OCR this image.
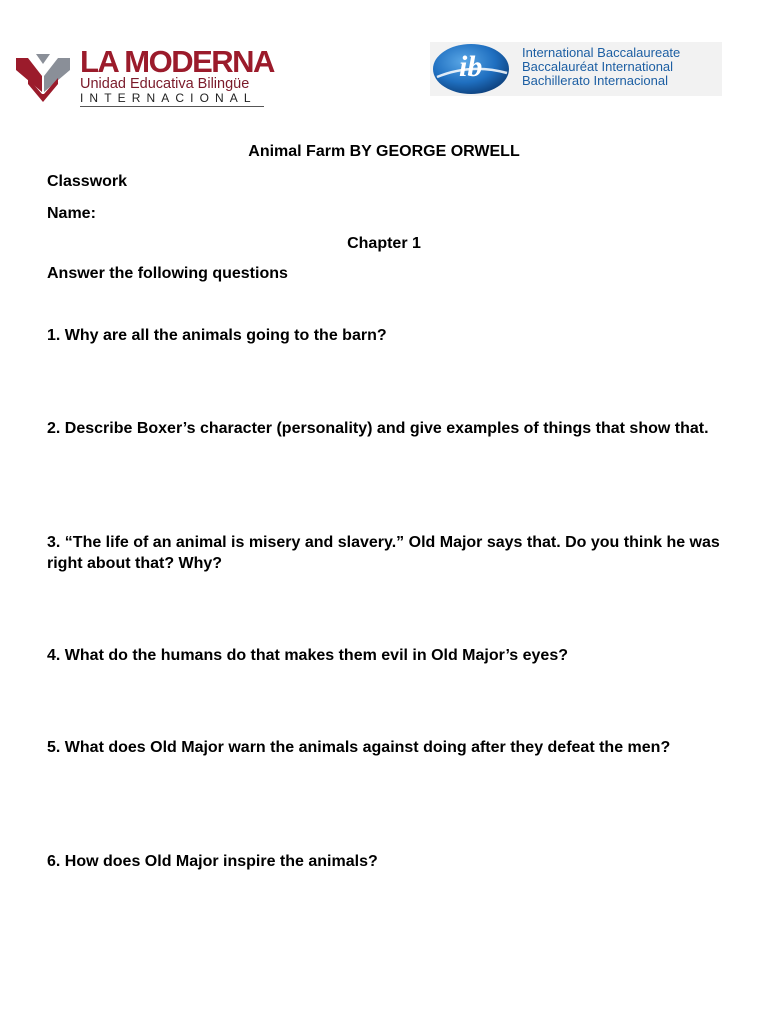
LA MODERNA
Unidad Educativa Bilingüe
INTERNACIONAL
ib	International Baccalaureate
Baccalauréat International
Bachillerato Internacional
Animal Farm BY GEORGE ORWELL
Classwork
Name:
Chapter 1
Answer the following questions
1. Why are all the animals going to the barn?
2. Describe Boxer’s character (personality) and give examples of things that show that.
3. “The life of an animal is misery and slavery.” Old Major says that. Do you think he was right about that? Why?
4. What do the humans do that makes them evil in Old Major’s eyes?
5. What does Old Major warn the animals against doing after they defeat the men?
6. How does Old Major inspire the animals?
